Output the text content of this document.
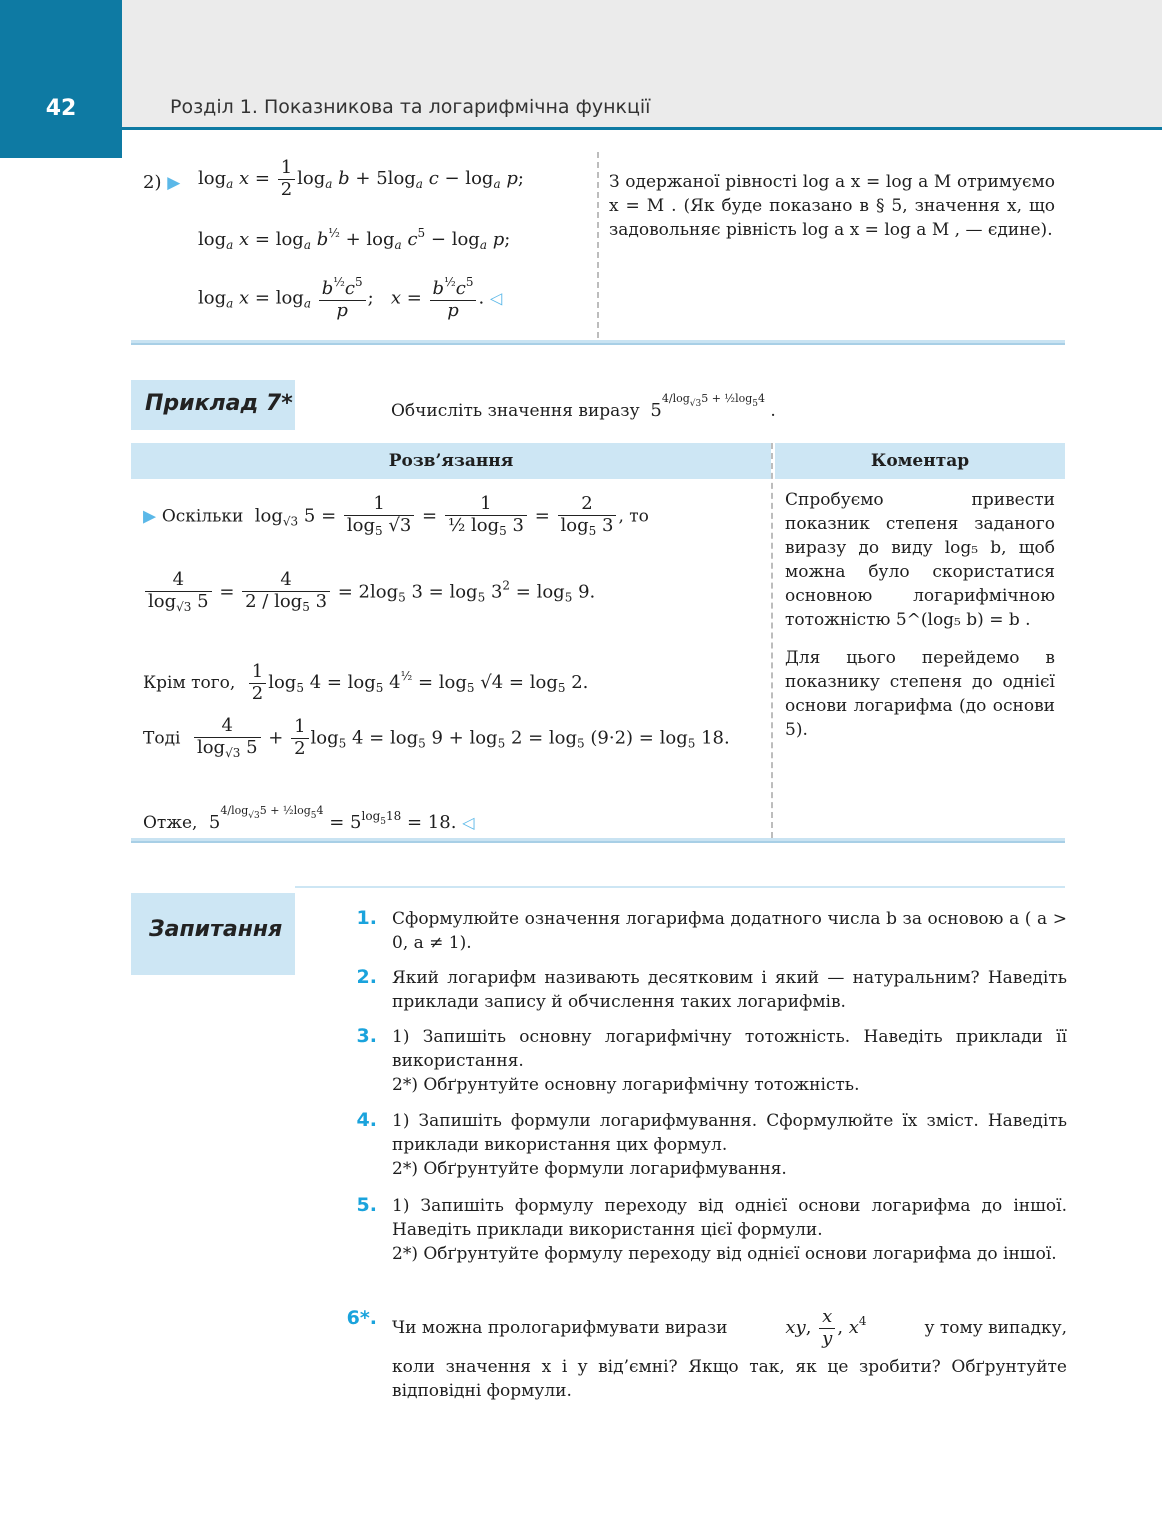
42	Розділ 1. Показникова та логарифмічна функції
2) ▶ $\log_a x = \frac{1}{2} \log_a b + 5\log_a$ $c - \log_a p$;
$\log_a x = \log_a b^{\frac{1}{2}} + \log_a c^5 - \log_a p$;
$\log_a x = \log_a \frac{b^{\frac{1}{2}}c^5}{p}$ ;   $x = \frac{b^{\frac{1}{2}}c^5}{p}$ . ◁
З одержаної рівності log a x = log a M отримуємо x = M . (Як буде показано в § 5, значення x, що задовольняє рівність log a x = log a M , — єдине).
Приклад 7*	Обчисліть значення виразу $5^{4/log_{√3}5 + \frac{1}{2}log_54}$ .
Розв’язання	Коментар
▶ Оскільки  $\log_{√3} 5 = \frac{1}{\log_5 √3} = \frac{1}{\frac{1}{2} \log_5 3} = \frac{2}{\log_5 3}$ , то
$\frac{4}{\log_{√3} 5} = \frac{4}{2 / \log_5 3} = 2\log_5$ $3 = \log_5 3^2 = \log_5 9$.
Крім того, $\frac{1}{2} \log_5 4 = \log_5 4^{\frac{1}{2}} = \log_5 √4 = \log_5 2$.
Тоді $\frac{4}{\log_{√3} 5} + \frac{1}{2} \log_5 4 = \log_5 9 + \log_5 2 = \log_5 (9\cdot 2) = \log_5 18$.
Отже,  $5^{4/log_{√3}5 + \frac{1}{2}log_54} = 5^{log_518} = 18$. ◁
Спробуємо привести показник степеня заданого виразу до виду log₅ b, щоб можна було скористатися основною логарифмічною тотожністю 5^(log₅ b) = b .
Для цього перейдемо в показнику степеня до однієї основи логарифма (до основи 5).
Запитання	1. Сформулюйте означення логарифма додатного числа b за основою a ( a > 0, a ≠ 1).
2. Який логарифм називають десятковим і який — натуральним? Наведіть приклади запису й обчислення таких логарифмів.
3. 1) Запишіть основну логарифмічну тотожність. Наведіть приклади її використання.
2*) Обґрунтуйте основну логарифмічну тотожність.
4. 1) Запишіть формули логарифмування. Сформулюйте їх зміст. Наведіть приклади використання цих формул.
2*) Обґрунтуйте формули логарифмування.
5. 1) Запишіть формулу переходу від однієї основи логарифма до іншої. Наведіть приклади використання цієї формули.
2*) Обґрунтуйте формулу переходу від однієї основи логарифма до іншої.
6*. Чи можна прологарифмувати вирази	xy, $\frac{x}{y}$ , $x^4$	у тому випадку,
коли значення x і y від’ємні? Якщо так, як це зробити? Обґрунтуйте відповідні формули.
